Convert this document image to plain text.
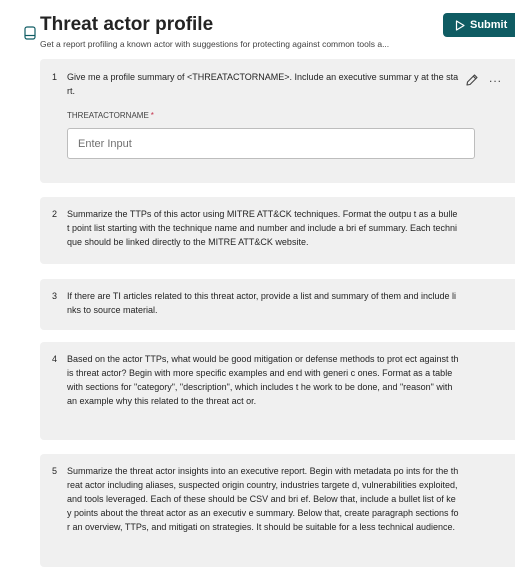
Threat actor profile
Get a report profiling a known actor with suggestions for protecting against common tools a...
Submit
1 Give me a profile summary of <THREATACTORNAME>. Include an executive summar y at the start.
...
THREATACTORNAME *
Enter Input
2 Summarize the TTPs of this actor using MITRE ATT&CK techniques. Format the outpu t as a bullet point list starting with the technique name and number and include a bri ef summary. Each technique should be linked directly to the MITRE ATT&CK website.
3 If there are TI articles related to this threat actor, provide a list and summary of them and include links to source material.
4 Based on the actor TTPs, what would be good mitigation or defense methods to prot ect against this threat actor? Begin with more specific examples and end with generi c ones. Format as a table with sections for "category", "description", which includes t he work to be done, and "reason" with an example why this related to the threat act or.
5 Summarize the threat actor insights into an executive report. Begin with metadata po ints for the threat actor including aliases, suspected origin country, industries targete d, vulnerabilities exploited, and tools leveraged. Each of these should be CSV and bri ef. Below that, include a bullet list of key points about the threat actor as an executiv e summary. Below that, create paragraph sections for an overview, TTPs, and mitigati on strategies. It should be suitable for a less technical audience.
